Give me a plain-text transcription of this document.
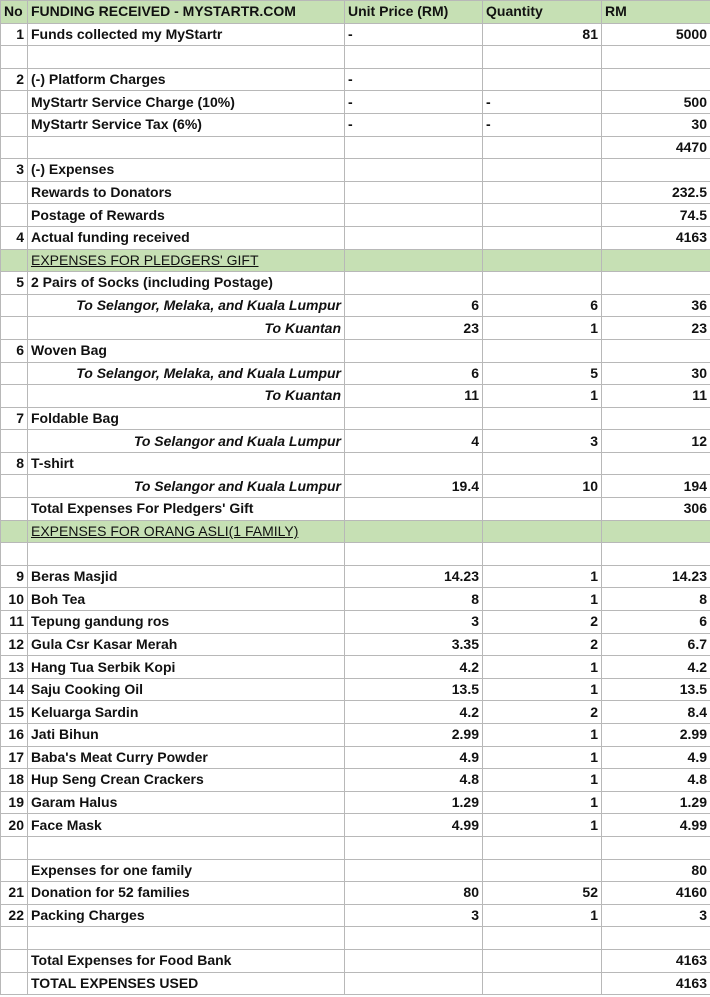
No	FUNDING RECEIVED - MYSTARTR.COM	Unit Price (RM)	Quantity	RM
1	Funds collected my MyStartr	-	81	5000

2	(-) Platform Charges	-		
	MyStartr Service Charge (10%)	-	-	500
	MyStartr Service Tax (6%)	-	-	30
				4470
3	(-) Expenses			
	Rewards to Donators			232.5
	Postage of Rewards			74.5
4	Actual funding received			4163
	EXPENSES FOR PLEDGERS' GIFT			
5	2 Pairs of Socks (including Postage)			
	To Selangor, Melaka, and Kuala Lumpur	6	6	36
	To Kuantan	23	1	23
6	Woven Bag			
	To Selangor, Melaka, and Kuala Lumpur	6	5	30
	To Kuantan	11	1	11
7	Foldable Bag			
	To Selangor and Kuala Lumpur	4	3	12
8	T-shirt			
	To Selangor and Kuala Lumpur	19.4	10	194
	Total Expenses For Pledgers' Gift			306
	EXPENSES FOR ORANG ASLI(1 FAMILY)			

9	Beras Masjid	14.23	1	14.23
10	Boh Tea	8	1	8
11	Tepung gandung ros	3	2	6
12	Gula Csr Kasar Merah	3.35	2	6.7
13	Hang Tua Serbik Kopi	4.2	1	4.2
14	Saju Cooking Oil	13.5	1	13.5
15	Keluarga Sardin	4.2	2	8.4
16	Jati Bihun	2.99	1	2.99
17	Baba's Meat Curry Powder	4.9	1	4.9
18	Hup Seng Crean Crackers	4.8	1	4.8
19	Garam Halus	1.29	1	1.29
20	Face Mask	4.99	1	4.99

	Expenses for one family			80
21	Donation for 52 families	80	52	4160
22	Packing Charges	3	1	3

	Total Expenses for Food Bank			4163
	TOTAL EXPENSES USED			4163
